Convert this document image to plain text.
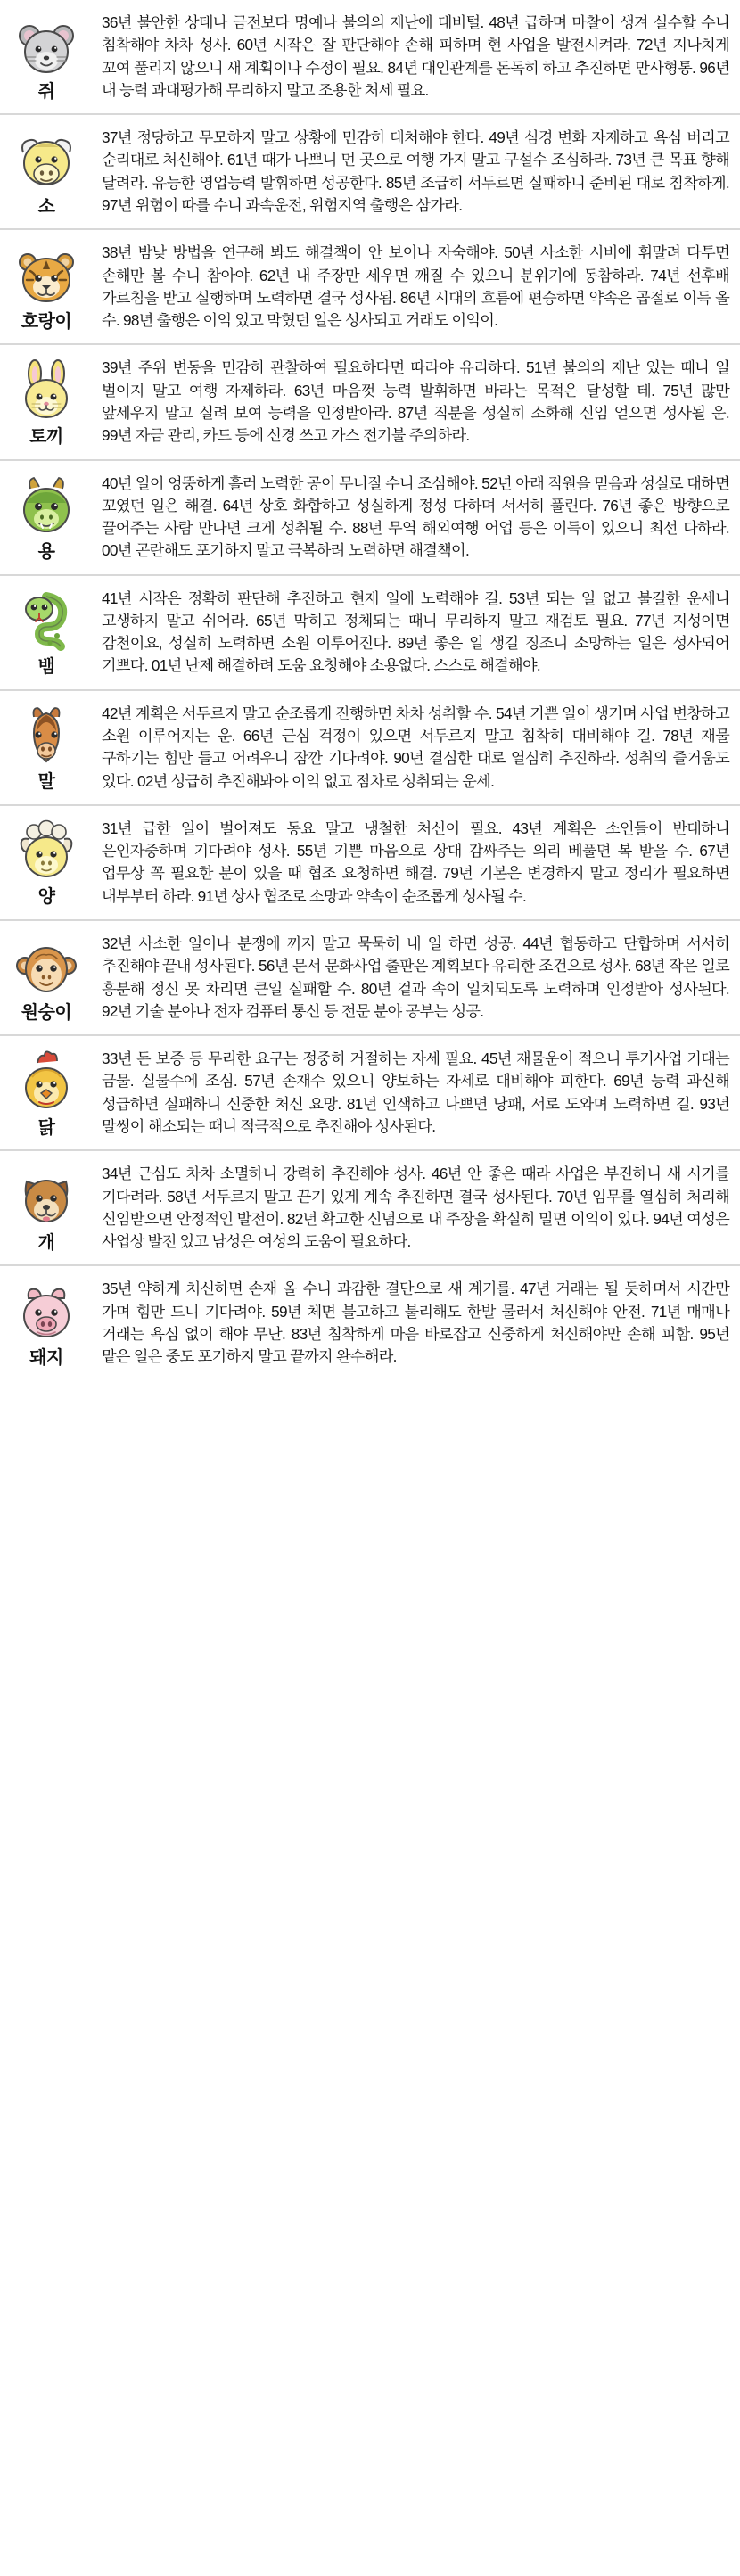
쥐

36년 불안한 상태나 금전보다 명예나 불의의 재난에 대비털. 48년 급하며 마찰이 생겨 실수할 수니 침착해야 차차 성사. 60년 시작은 잘 판단해야 손해 피하며 현 사업을 발전시켜라. 72년 지나치게 꼬여 풀리지 않으니 새 계획이나 수정이 필요. 84년 대인관계를 돈독히 하고 추진하면 만사형통. 96년 내 능력 과대평가해 무리하지 말고 조용한 처세 필요.

소

37년 정당하고 무모하지 말고 상황에 민감히 대처해야 한다. 49년 심경 변화 자제하고 욕심 버리고 순리대로 처신해야. 61년 때가 나쁘니 먼 곳으로 여행 가지 말고 구설수 조심하라. 73년 큰 목표 향해 달려라. 유능한 영업능력 발휘하면 성공한다. 85년 조급히 서두르면 실패하니 준비된 대로 침착하게. 97년 위험이 따를 수니 과속운전, 위험지역 출행은 삼가라.

호랑이

38년 밤낮 방법을 연구해 봐도 해결책이 안 보이나 자숙해야. 50년 사소한 시비에 휘말려 다투면 손해만 볼 수니 참아야. 62년 내 주장만 세우면 깨질 수 있으니 분위기에 동참하라. 74년 선후배 가르침을 받고 실행하며 노력하면 결국 성사됨. 86년 시대의 흐름에 편승하면 약속은 곱절로 이득 올 수. 98년 출행은 이익 있고 막혔던 일은 성사되고 거래도 이익이.

토끼

39년 주위 변동을 민감히 관찰하여 필요하다면 따라야 유리하다. 51년 불의의 재난 있는 때니 일 벌이지 말고 여행 자제하라. 63년 마음껏 능력 발휘하면 바라는 목적은 달성할 테. 75년 많만 앞세우지 말고 실려 보여 능력을 인정받아라. 87년 직분을 성실히 소화해 신임 얻으면 성사될 운. 99년 자금 관리, 카드 등에 신경 쓰고 가스 전기불 주의하라.

용

40년 일이 엉뚱하게 흘러 노력한 공이 무너질 수니 조심해야. 52년 아래 직원을 믿음과 성실로 대하면 꼬였던 일은 해결. 64년 상호 화합하고 성실하게 정성 다하며 서서히 풀린다. 76년 좋은 방향으로 끌어주는 사람 만나면 크게 성취될 수. 88년 무역 해외여행 어업 등은 이득이 있으니 최선 다하라. 00년 곤란해도 포기하지 말고 극복하려 노력하면 해결책이.

뱀

41년 시작은 정확히 판단해 추진하고 현재 일에 노력해야 길. 53년 되는 일 없고 불길한 운세니 고생하지 말고 쉬어라. 65년 막히고 정체되는 때니 무리하지 말고 재검토 필요. 77년 지성이면 감천이요, 성실히 노력하면 소원 이루어진다. 89년 좋은 일 생길 징조니 소망하는 일은 성사되어 기쁘다. 01년 난제 해결하려 도움 요청해야 소용없다. 스스로 해결해야.

말

42년 계획은 서두르지 말고 순조롭게 진행하면 차차 성취할 수. 54년 기쁜 일이 생기며 사업 변창하고 소원 이루어지는 운. 66년 근심 걱정이 있으면 서두르지 말고 침착히 대비해야 길. 78년 재물 구하기는 힘만 들고 어려우니 잠깐 기다려야. 90년 결심한 대로 열심히 추진하라. 성취의 즐거움도 있다. 02년 성급히 추진해봐야 이익 없고 점차로 성취되는 운세.

양

31년 급한 일이 벌어져도 동요 말고 냉철한 처신이 필요. 43년 계획은 소인들이 반대하니 은인자중하며 기다려야 성사. 55년 기쁜 마음으로 상대 감싸주는 의리 베풀면 복 받을 수. 67년 업무상 꼭 필요한 분이 있을 때 협조 요청하면 해결. 79년 기본은 변경하지 말고 정리가 필요하면 내부부터 하라. 91년 상사 협조로 소망과 약속이 순조롭게 성사될 수.

원숭이

32년 사소한 일이나 분쟁에 끼지 말고 묵묵히 내 일 하면 성공. 44년 협동하고 단합하며 서서히 추진해야 끝내 성사된다. 56년 문서 문화사업 출판은 계획보다 유리한 조건으로 성사. 68년 작은 일로 흥분해 정신 못 차리면 큰일 실패할 수. 80년 겉과 속이 일치되도록 노력하며 인정받아 성사된다. 92년 기술 분야나 전자 컴퓨터 통신 등 전문 분야 공부는 성공.

닭

33년 돈 보증 등 무리한 요구는 정중히 거절하는 자세 필요. 45년 재물운이 적으니 투기사업 기대는 금물. 실물수에 조심. 57년 손재수 있으니 양보하는 자세로 대비해야 피한다. 69년 능력 과신해 성급하면 실패하니 신중한 처신 요망. 81년 인색하고 나쁘면 낭패, 서로 도와며 노력하면 길. 93년 말썽이 해소되는 때니 적극적으로 추진해야 성사된다.

개

34년 근심도 차차 소멸하니 강력히 추진해야 성사. 46년 안 좋은 때라 사업은 부진하니 새 시기를 기다려라. 58년 서두르지 말고 끈기 있게 계속 추진하면 결국 성사된다. 70년 임무를 열심히 처리해 신임받으면 안정적인 발전이. 82년 확고한 신념으로 내 주장을 확실히 밀면 이익이 있다. 94년 여성은 사업상 발전 있고 남성은 여성의 도움이 필요하다.

돼지

35년 약하게 처신하면 손재 올 수니 과감한 결단으로 새 계기를. 47년 거래는 될 듯하며서 시간만 가며 힘만 드니 기다려야. 59년 체면 불고하고 불리해도 한발 물러서 처신해야 안전. 71년 매매나 거래는 욕심 없이 해야 무난. 83년 침착하게 마음 바로잡고 신중하게 처신해야만 손해 피함. 95년 맡은 일은 중도 포기하지 말고 끝까지 완수해라.
